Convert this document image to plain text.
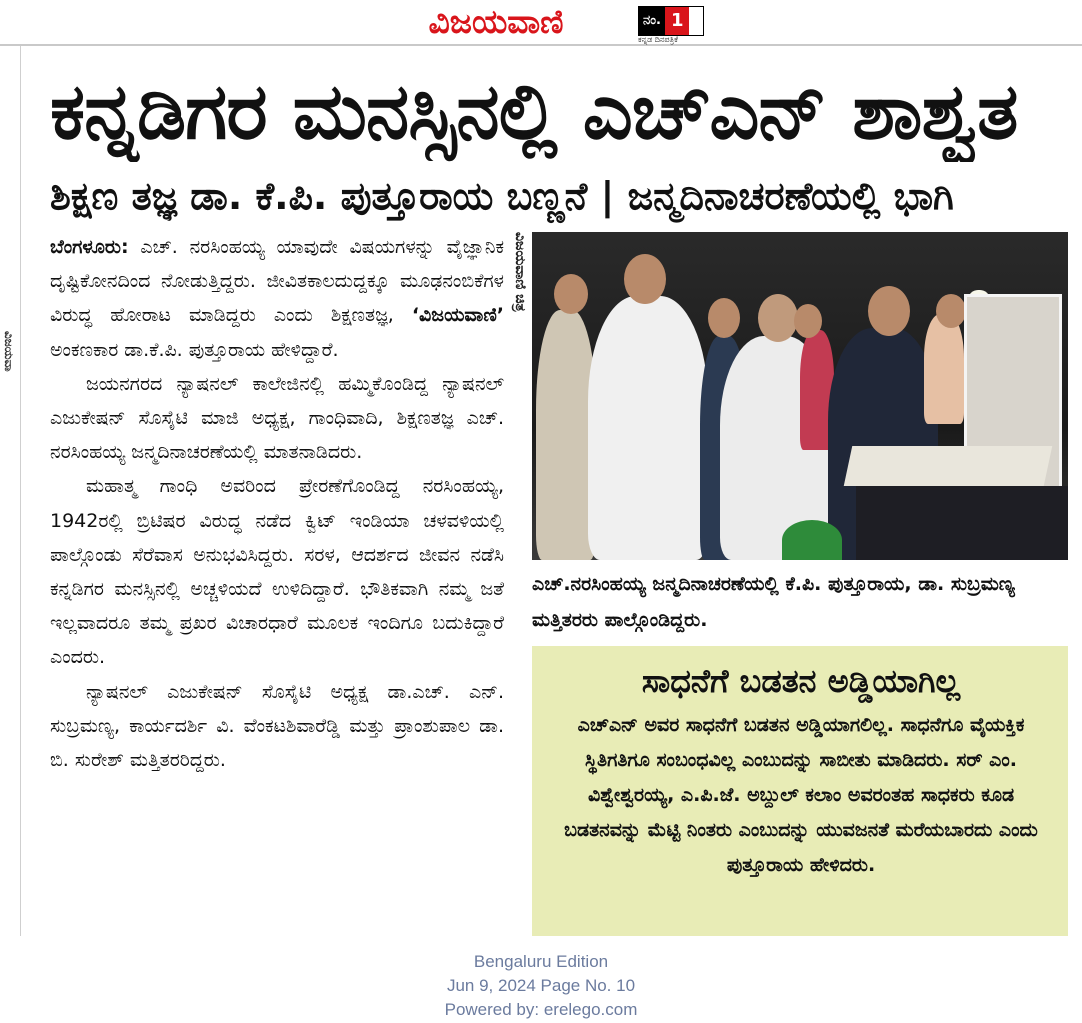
ವಿಜಯವಾ
ವಿಜಯವಾಣಿ	ನಂ. 1
ಕನ್ನಡ ದಿನಪತ್ರಿಕೆ
ಕನ್ನಡಿಗರ ಮನಸ್ಸಿನಲ್ಲಿ ಎಚ್ಎನ್ ಶಾಶ್ವತ
ಶಿಕ್ಷಣ ತಜ್ಞ ಡಾ. ಕೆ.ಪಿ. ಪುತ್ತೂರಾಯ ಬಣ್ಣನೆ | ಜನ್ಮದಿನಾಚರಣೆಯಲ್ಲಿ ಭಾಗಿ

ಬೆಂಗಳೂರು: ಎಚ್. ನರಸಿಂಹಯ್ಯ ಯಾವುದೇ ವಿಷಯಗಳನ್ನು ವೈಜ್ಞಾನಿಕ ದೃಷ್ಟಿಕೋನದಿಂದ ನೋಡುತ್ತಿದ್ದರು. ಜೀವಿತಕಾಲದುದ್ದಕ್ಕೂ ಮೂಢನಂಬಿಕೆಗಳ ವಿರುದ್ಧ ಹೋರಾಟ ಮಾಡಿದ್ದರು ಎಂದು ಶಿಕ್ಷಣತಜ್ಞ, ‘ವಿಜಯವಾಣಿ’ ಅಂಕಣಕಾರ ಡಾ.ಕೆ.ಪಿ. ಪುತ್ತೂರಾಯ ಹೇಳಿದ್ದಾರೆ.

ಜಯನಗರದ ನ್ಯಾಷನಲ್ ಕಾಲೇಜಿನಲ್ಲಿ ಹಮ್ಮಿಕೊಂಡಿದ್ದ ನ್ಯಾಷನಲ್ ಎಜುಕೇಷನ್ ಸೊಸೈಟಿ ಮಾಜಿ ಅಧ್ಯಕ್ಷ, ಗಾಂಧಿವಾದಿ, ಶಿಕ್ಷಣತಜ್ಞ ಎಚ್. ನರಸಿಂಹಯ್ಯ ಜನ್ಮದಿನಾಚರಣೆಯಲ್ಲಿ ಮಾತನಾಡಿದರು.

ಮಹಾತ್ಮ ಗಾಂಧಿ ಅವರಿಂದ ಪ್ರೇರಣೆಗೊಂಡಿದ್ದ ನರಸಿಂಹಯ್ಯ, 1942ರಲ್ಲಿ ಬ್ರಿಟಿಷರ ವಿರುದ್ಧ ನಡೆದ ಕ್ವಿಟ್ ಇಂಡಿಯಾ ಚಳವಳಿಯಲ್ಲಿ ಪಾಲ್ಗೊಂಡು ಸೆರೆವಾಸ ಅನುಭವಿಸಿದ್ದರು. ಸರಳ, ಆದರ್ಶದ ಜೀವನ ನಡೆಸಿ ಕನ್ನಡಿಗರ ಮನಸ್ಸಿನಲ್ಲಿ ಅಚ್ಚಳಿಯದೆ ಉಳಿದಿದ್ದಾರೆ. ಭೌತಿಕವಾಗಿ ನಮ್ಮ ಜತೆ ಇಲ್ಲವಾದರೂ ತಮ್ಮ ಪ್ರಖರ ವಿಚಾರಧಾರೆ ಮೂಲಕ ಇಂದಿಗೂ ಬದುಕಿದ್ದಾರೆ ಎಂದರು.

ನ್ಯಾಷನಲ್ ಎಜುಕೇಷನ್ ಸೊಸೈಟಿ ಅಧ್ಯಕ್ಷ ಡಾ.ಎಚ್. ಎನ್. ಸುಬ್ರಮಣ್ಯ, ಕಾರ್ಯದರ್ಶಿ ವಿ. ವೆಂಕಟಶಿವಾರೆಡ್ಡಿ ಮತ್ತು ಪ್ರಾಂಶುಪಾಲ ಡಾ. ಬಿ. ಸುರೇಶ್ ಮತ್ತಿತರರಿದ್ದರು.

ವಿಜಯವಾಣಿ ಚಿತ್ರ
ಎಚ್.ನರಸಿಂಹಯ್ಯ ಜನ್ಮದಿನಾಚರಣೆಯಲ್ಲಿ ಕೆ.ಪಿ. ಪುತ್ತೂರಾಯ, ಡಾ. ಸುಬ್ರಮಣ್ಯ ಮತ್ತಿತರರು ಪಾಲ್ಗೊಂಡಿದ್ದರು.
ಸಾಧನೆಗೆ ಬಡತನ ಅಡ್ಡಿಯಾಗಿಲ್ಲ
ಎಚ್ಎನ್ ಅವರ ಸಾಧನೆಗೆ ಬಡತನ ಅಡ್ಡಿಯಾಗಲಿಲ್ಲ. ಸಾಧನೆಗೂ ವೈಯಕ್ತಿಕ ಸ್ಥಿತಿಗತಿಗೂ ಸಂಬಂಧವಿಲ್ಲ ಎಂಬುದನ್ನು ಸಾಬೀತು ಮಾಡಿದರು. ಸರ್ ಎಂ. ವಿಶ್ವೇಶ್ವರಯ್ಯ, ಎ.ಪಿ.ಜೆ. ಅಬ್ದುಲ್ ಕಲಾಂ ಅವರಂತಹ ಸಾಧಕರು ಕೂಡ ಬಡತನವನ್ನು ಮೆಟ್ಟಿ ನಿಂತರು ಎಂಬುದನ್ನು ಯುವಜನತೆ ಮರೆಯಬಾರದು ಎಂದು ಪುತ್ತೂರಾಯ ಹೇಳಿದರು.
Bengaluru Edition
Jun 9, 2024 Page No. 10
Powered by: erelego.com
